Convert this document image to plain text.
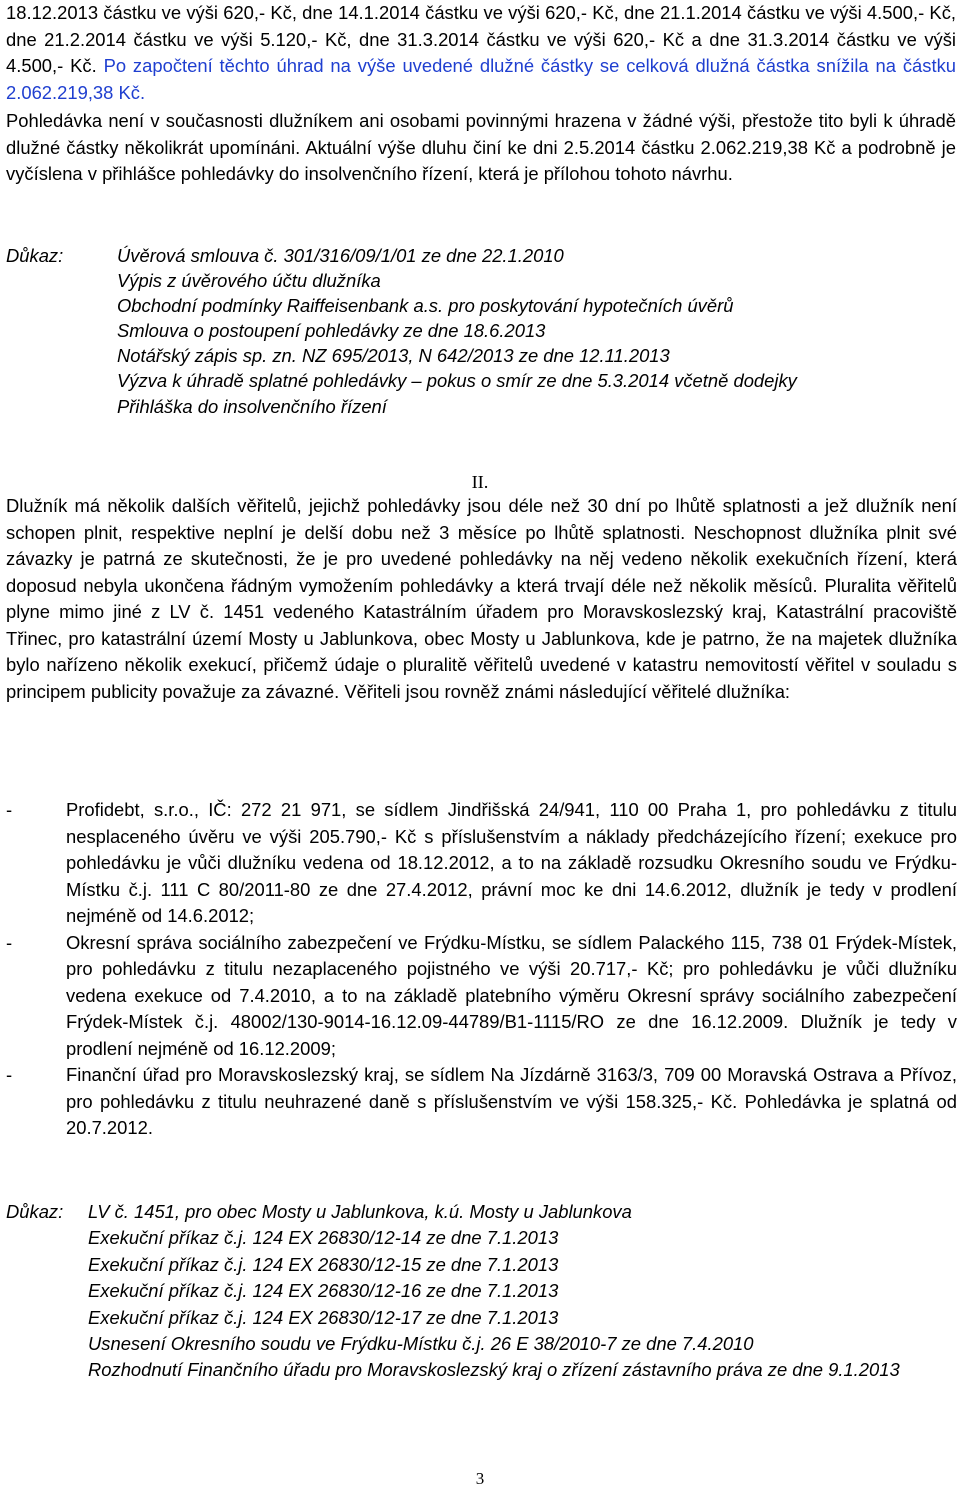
18.12.2013 částku ve výši 620,- Kč, dne 14.1.2014 částku ve výši 620,- Kč, dne 21.1.2014 částku ve výši 4.500,- Kč, dne 21.2.2014 částku ve výši 5.120,- Kč, dne 31.3.2014 částku ve výši 620,- Kč a dne 31.3.2014 částku ve výši 4.500,- Kč. Po započtení těchto úhrad na výše uvedené dlužné částky se celková dlužná částka snížila na částku 2.062.219,38 Kč.

Pohledávka není v současnosti dlužníkem ani osobami povinnými hrazena v žádné výši, přestože tito byli k úhradě dlužné částky několikrát upomínáni. Aktuální výše dluhu činí ke dni 2.5.2014 částku 2.062.219,38 Kč a podrobně je vyčíslena v přihlášce pohledávky do insolvenčního řízení, která je přílohou tohoto návrhu.

Důkaz:	Úvěrová smlouva č. 301/316/09/1/01 ze dne 22.1.2010
Výpis z úvěrového účtu dlužníka
Obchodní podmínky Raiffeisenbank a.s. pro poskytování hypotečních úvěrů
Smlouva o postoupení pohledávky ze dne 18.6.2013
Notářský zápis sp. zn. NZ 695/2013, N 642/2013 ze dne 12.11.2013
Výzva k úhradě splatné pohledávky – pokus o smír ze dne 5.3.2014 včetně dodejky
Přihláška do insolvenčního řízení
II.

Dlužník má několik dalších věřitelů, jejichž pohledávky jsou déle než 30 dní po lhůtě splatnosti a jež dlužník není schopen plnit, respektive neplní je delší dobu než 3 měsíce po lhůtě splatnosti. Neschopnost dlužníka plnit své závazky je patrná ze skutečnosti, že je pro uvedené pohledávky na něj vedeno několik exekučních řízení, která doposud nebyla ukončena řádným vymožením pohledávky a která trvají déle než několik měsíců. Pluralita věřitelů plyne mimo jiné z LV č. 1451 vedeného Katastrálním úřadem pro Moravskoslezský kraj, Katastrální pracoviště Třinec, pro katastrální území Mosty u Jablunkova, obec Mosty u Jablunkova, kde je patrno, že na majetek dlužníka bylo nařízeno několik exekucí, přičemž údaje o pluralitě věřitelů uvedené v katastru nemovitostí věřitel v souladu s principem publicity považuje za závazné. Věřiteli jsou rovněž známi následující věřitelé dlužníka:

-	Profidebt, s.r.o., IČ: 272 21 971, se sídlem Jindřišská 24/941, 110 00 Praha 1, pro pohledávku z titulu nesplaceného úvěru ve výši 205.790,- Kč s příslušenstvím a náklady předcházejícího řízení; exekuce pro pohledávku je vůči dlužníku vedena od 18.12.2012, a to na základě rozsudku Okresního soudu ve Frýdku-Místku č.j. 111 C 80/2011-80 ze dne 27.4.2012, právní moc ke dni 14.6.2012, dlužník je tedy v prodlení nejméně od 14.6.2012;

-	Okresní správa sociálního zabezpečení ve Frýdku-Místku, se sídlem Palackého 115, 738 01 Frýdek-Místek, pro pohledávku z titulu nezaplaceného pojistného ve výši 20.717,- Kč; pro pohledávku je vůči dlužníku vedena exekuce od 7.4.2010, a to na základě platebního výměru Okresní správy sociálního zabezpečení Frýdek-Místek č.j. 48002/130-9014-16.12.09-44789/B1-1115/RO ze dne 16.12.2009. Dlužník je tedy v prodlení nejméně od 16.12.2009;

-	Finanční úřad pro Moravskoslezský kraj, se sídlem Na Jízdárně 3163/3, 709 00 Moravská Ostrava a Přívoz, pro pohledávku z titulu neuhrazené daně s příslušenstvím ve výši 158.325,- Kč. Pohledávka je splatná od 20.7.2012.

Důkaz: LV č. 1451, pro obec Mosty u Jablunkova, k.ú. Mosty u Jablunkova
Exekuční příkaz č.j. 124 EX 26830/12-14 ze dne 7.1.2013
Exekuční příkaz č.j. 124 EX 26830/12-15 ze dne 7.1.2013
Exekuční příkaz č.j. 124 EX 26830/12-16 ze dne 7.1.2013
Exekuční příkaz č.j. 124 EX 26830/12-17 ze dne 7.1.2013
Usnesení Okresního soudu ve Frýdku-Místku č.j. 26 E 38/2010-7 ze dne 7.4.2010
Rozhodnutí Finančního úřadu pro Moravskoslezský kraj o zřízení zástavního práva ze dne 9.1.2013
3
